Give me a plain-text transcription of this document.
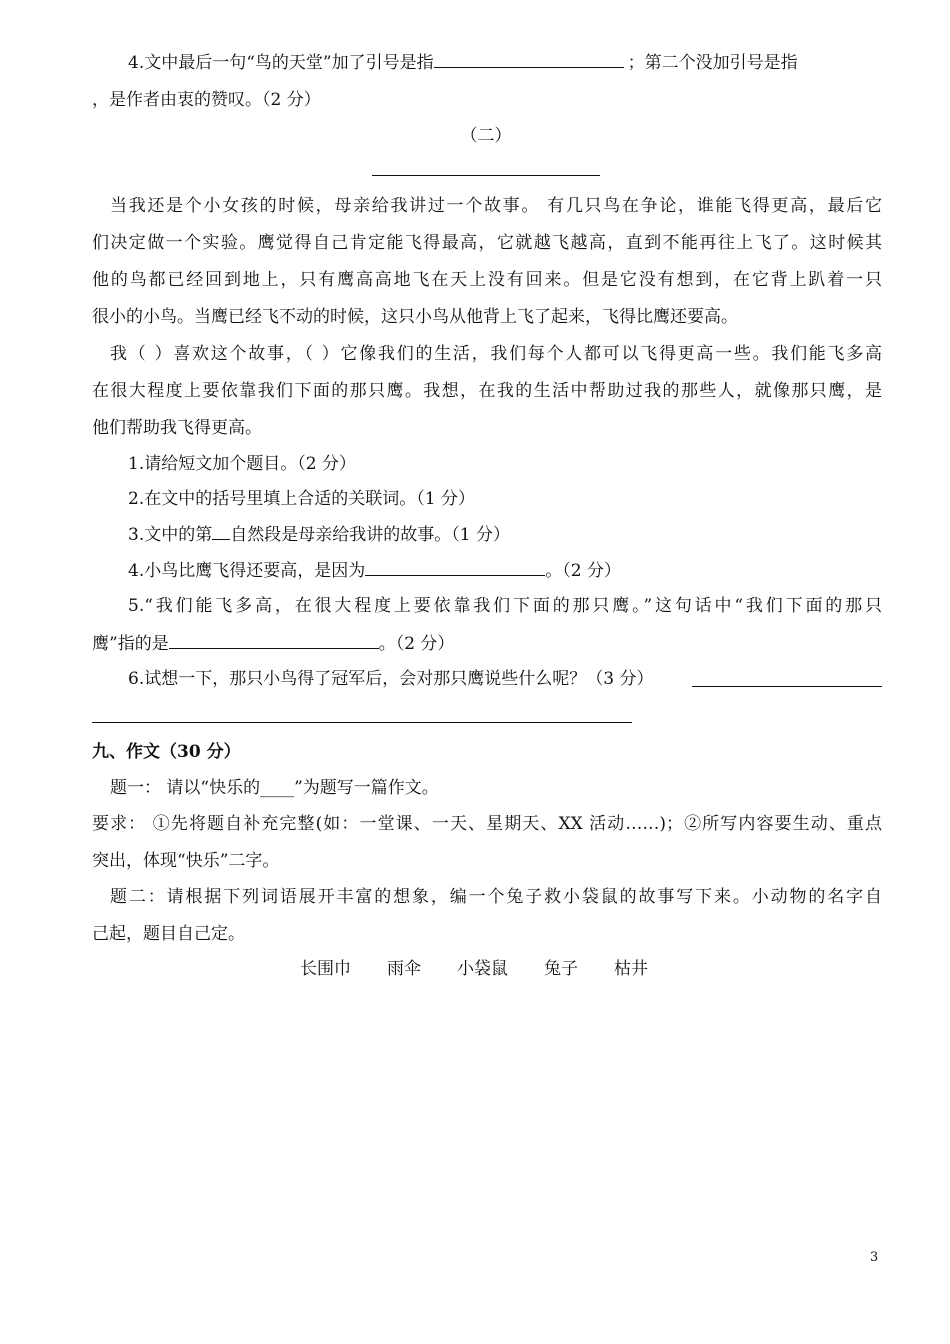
4.文中最后一句“鸟的天堂”加了引号是指	；第二个没加引号是指
，是作者由衷的赞叹。（2 分）
（二）
当我还是个小女孩的时候，母亲给我讲过一个故事。 有几只鸟在争论，谁能飞得更高，最后它
们决定做一个实验。鹰觉得自己肯定能飞得最高，它就越飞越高，直到不能再往上飞了。这时候其
他的鸟都已经回到地上，只有鹰高高地飞在天上没有回来。但是它没有想到，在它背上趴着一只
很小的小鸟。当鹰已经飞不动的时候，这只小鸟从他背上飞了起来，飞得比鹰还要高。
我（ ）喜欢这个故事，（ ）它像我们的生活，我们每个人都可以飞得更高一些。我们能飞多高
在很大程度上要依靠我们下面的那只鹰。我想，在我的生活中帮助过我的那些人，就像那只鹰，是
他们帮助我飞得更高。
1.请给短文加个题目。（2 分）
2.在文中的括号里填上合适的关联词。（1 分）
3.文中的第 自然段是母亲给我讲的故事。（1 分）
4.小鸟比鹰飞得还要高，是因为	。（2 分）
5.“我们能飞多高，在很大程度上要依靠我们下面的那只鹰。”这句话中“我们下面的那只
鹰”指的是	。（2 分）
6.试想一下，那只小鸟得了冠军后，会对那只鹰说些什么呢？（3 分）
九、作文（30 分）
题一： 请以“快乐的____”为题写一篇作文。
要求： ①先将题自补充完整(如：一堂课、一天、星期天、XX 活动……)；②所写内容要生动、重点
突出，体现“快乐”二字。
题二：请根据下列词语展开丰富的想象，编一个兔子救小袋鼠的故事写下来。小动物的名字自
己起，题目自己定。
长围巾 雨伞 小袋鼠 兔子 枯井
3
